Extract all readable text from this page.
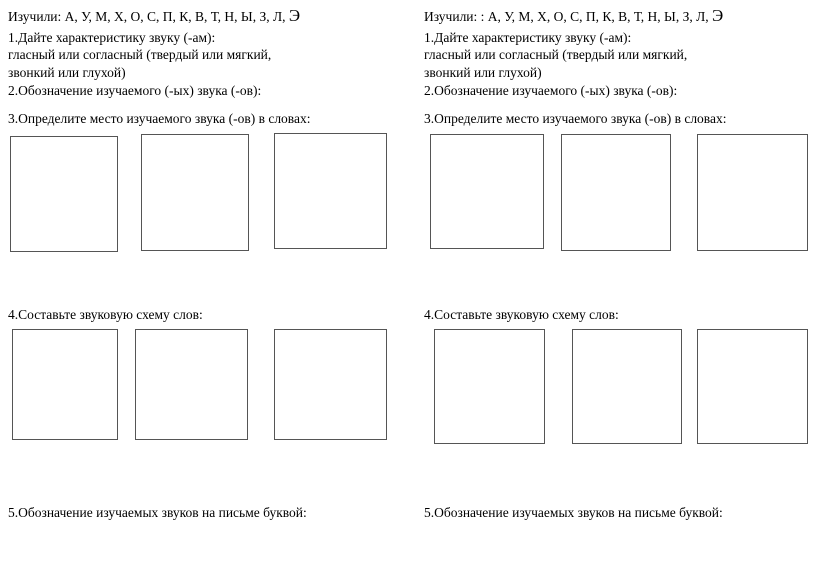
Изучили: А, У, М, Х, О, С, П, К, В, Т, Н, Ы, З, Л, Э
1.Дайте характеристику звуку (-ам):
гласный или согласный (твердый или мягкий,
звонкий или глухой)
2.Обозначение изучаемого (-ых) звука (-ов):
3.Определите место изучаемого звука (-ов) в словах:
4.Составьте звуковую схему слов:
5.Обозначение изучаемых звуков на письме буквой:
Изучили: : А, У, М, Х, О, С, П, К, В, Т, Н, Ы, З, Л, Э
1.Дайте характеристику звуку (-ам):
гласный или согласный (твердый или мягкий,
звонкий или глухой)
2.Обозначение изучаемого (-ых) звука (-ов):
3.Определите место изучаемого звука (-ов) в словах:
4.Составьте звуковую схему слов:
5.Обозначение изучаемых звуков на письме буквой:
